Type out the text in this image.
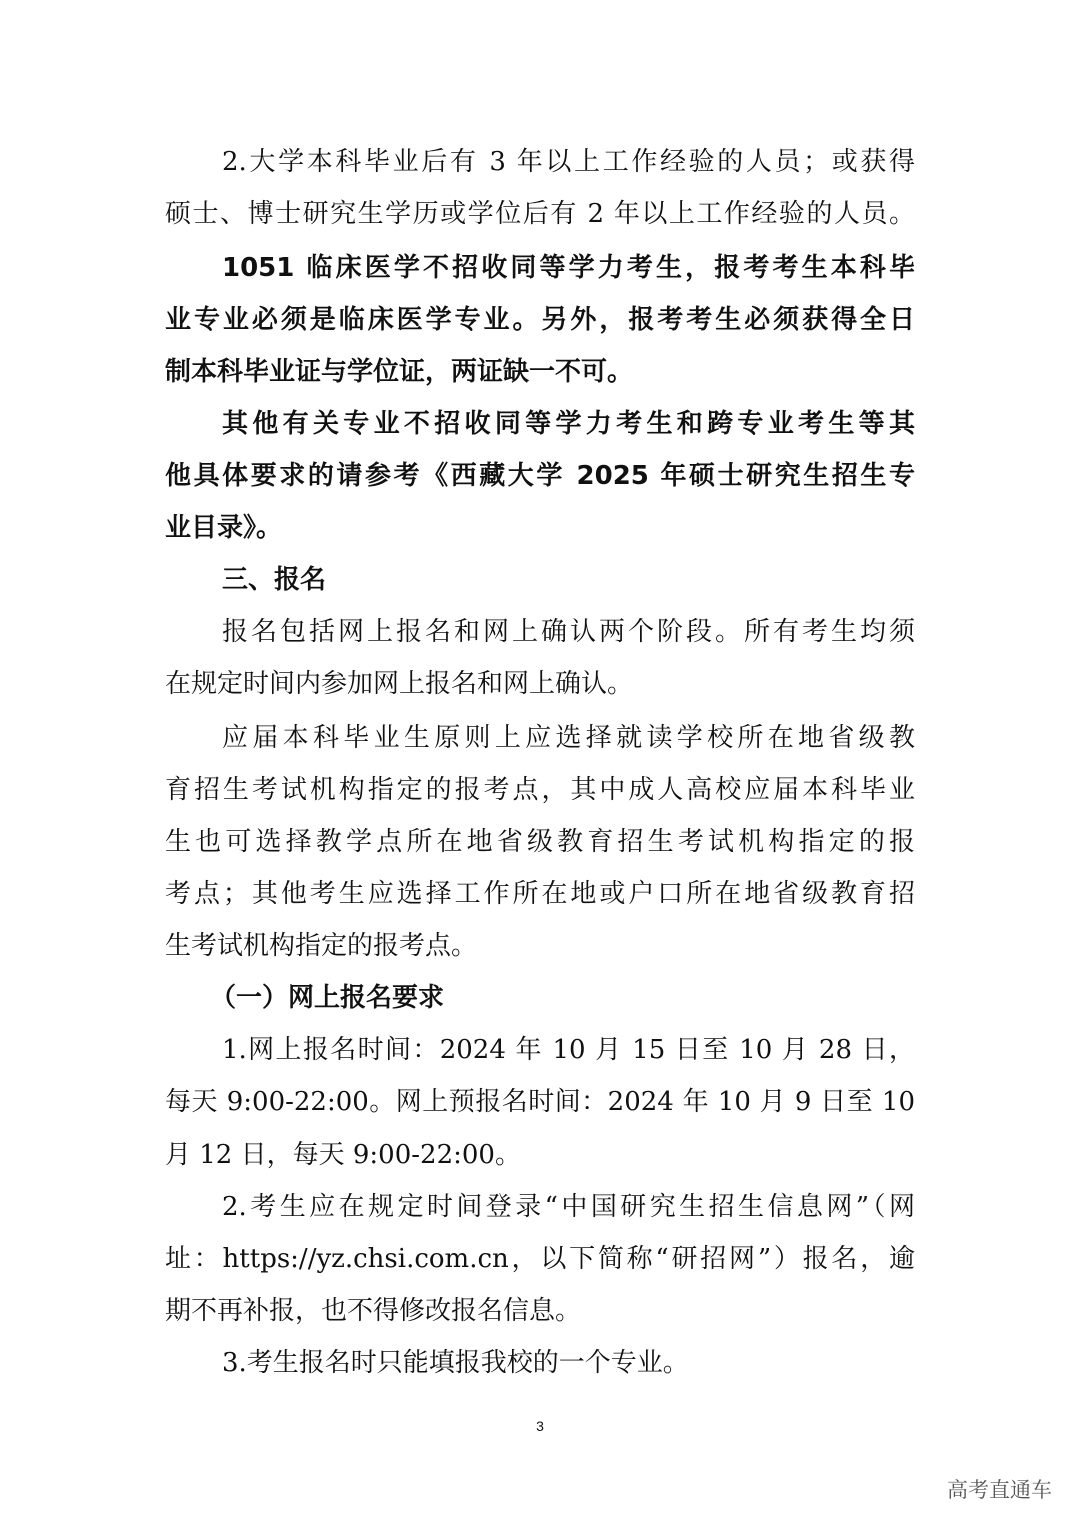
2.大学本科毕业后有 3 年以上工作经验的人员；或获得
硕士、博士研究生学历或学位后有 2 年以上工作经验的人员。
1051 临床医学不招收同等学力考生，报考考生本科毕
业专业必须是临床医学专业。另外，报考考生必须获得全日
制本科毕业证与学位证，两证缺一不可。
其他有关专业不招收同等学力考生和跨专业考生等其
他具体要求的请参考《西藏大学 2025 年硕士研究生招生专
业目录》。
三、报名
报名包括网上报名和网上确认两个阶段。所有考生均须
在规定时间内参加网上报名和网上确认。
应届本科毕业生原则上应选择就读学校所在地省级教
育招生考试机构指定的报考点，其中成人高校应届本科毕业
生也可选择教学点所在地省级教育招生考试机构指定的报
考点；其他考生应选择工作所在地或户口所在地省级教育招
生考试机构指定的报考点。
（一）网上报名要求
1.网上报名时间：2024 年 10 月 15 日至 10 月 28 日，
每天 9:00-22:00。网上预报名时间：2024 年 10 月 9 日至 10
月 12 日，每天 9:00-22:00。
2.考生应在规定时间登录“中国研究生招生信息网”（网
址：https://yz.chsi.com.cn，以下简称“研招网”）报名，逾
期不再补报，也不得修改报名信息。
3.考生报名时只能填报我校的一个专业。
3
高考直通车
